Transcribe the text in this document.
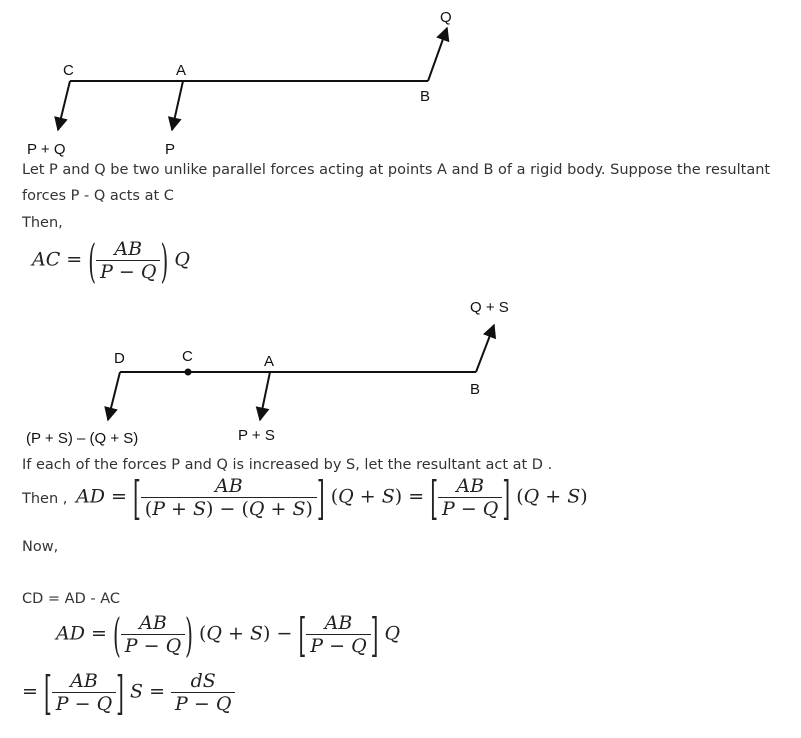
Q
C	A
B
P + Q	P
Let P and Q be two unlike parallel forces acting at points A and B of a rigid body. Suppose the resultant
forces P - Q acts at C
Then,
AC = ( $\frac{AB}{P - Q}$ ) Q
Q + S
D	C	A
B
(P + S) – (Q + S)	P + S
If each of the forces P and Q is increased by S, let the resultant act at D .
Then , AD = [ $\frac{AB}{(P + S) - (Q + S)}$ ] (Q + S) = [ $\frac{AB}{P - Q}$ ] (Q + S)
Now,
CD = AD - AC
AD = ( $\frac{AB}{P - Q}$ ) (Q + S) − [ $\frac{AB}{P - Q}$ ] Q
= [ $\frac{AB}{P - Q}$ ] $S = \frac{dS}{P - Q}$
